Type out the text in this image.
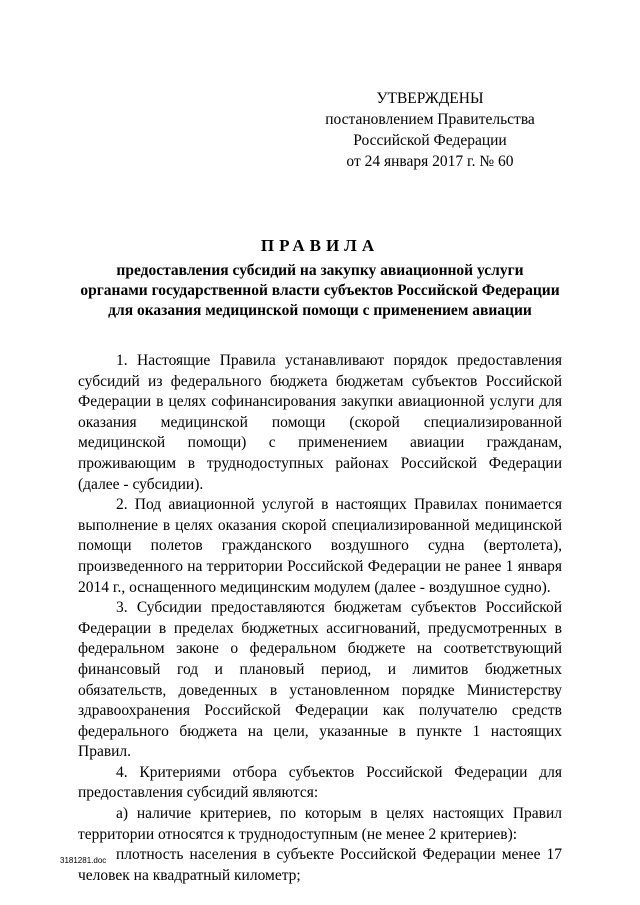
УТВЕРЖДЕНЫ
постановлением Правительства
Российской Федерации
от 24 января 2017 г. № 60
ПРАВИЛА
предоставления субсидий на закупку авиационной услуги
органами государственной власти субъектов Российской Федерации
для оказания медицинской помощи с применением авиации

1. Настоящие Правила устанавливают порядок предоставления субсидий из федерального бюджета бюджетам субъектов Российской Федерации в целях софинансирования закупки авиационной услуги для оказания медицинской помощи (скорой специализированной медицинской помощи) с применением авиации гражданам, проживающим в труднодоступных районах Российской Федерации (далее - субсидии).

2. Под авиационной услугой в настоящих Правилах понимается выполнение в целях оказания скорой специализированной медицинской помощи полетов гражданского воздушного судна (вертолета), произведенного на территории Российской Федерации не ранее 1 января 2014 г., оснащенного медицинским модулем (далее - воздушное судно).

3. Субсидии предоставляются бюджетам субъектов Российской Федерации в пределах бюджетных ассигнований, предусмотренных в федеральном законе о федеральном бюджете на соответствующий финансовый год и плановый период, и лимитов бюджетных обязательств, доведенных в установленном порядке Министерству здравоохранения Российской Федерации как получателю средств федерального бюджета на цели, указанные в пункте 1 настоящих Правил.

4. Критериями отбора субъектов Российской Федерации для предоставления субсидий являются:

а) наличие критериев, по которым в целях настоящих Правил территории относятся к труднодоступным (не менее 2 критериев):

плотность населения в субъекте Российской Федерации менее 17 человек на квадратный километр;

3181281.doc
